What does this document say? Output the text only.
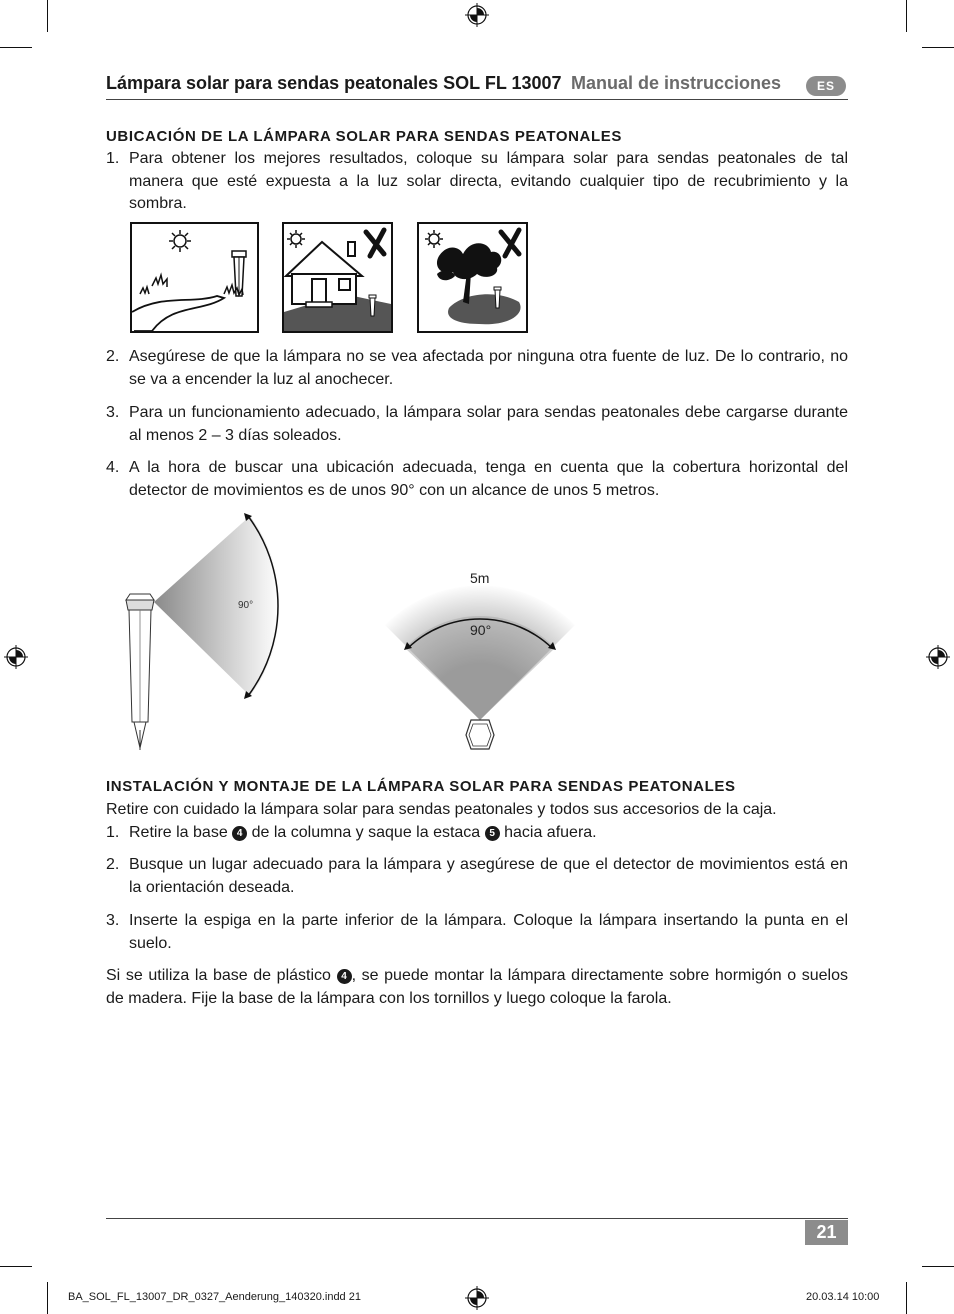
Lámpara solar para sendas peatonales SOL FL 13007 Manual de instrucciones	ES
UBICACIÓN DE LA LÁMPARA SOLAR PARA SENDAS PEATONALES
1. Para obtener los mejores resultados, coloque su lámpara solar para sendas peatonales de tal manera que esté expuesta a la luz solar directa, evitando cualquier tipo de recubrimiento y la sombra.
2. Asegúrese de que la lámpara no se vea afectada por ninguna otra fuente de luz. De lo contrario, no se va a encender la luz al anochecer.
3. Para un funcionamiento adecuado, la lámpara solar para sendas peatonales debe cargarse durante al menos 2 – 3 días soleados.
4. A la hora de buscar una ubicación adecuada, tenga en cuenta que la cobertura horizontal del detector de movimientos es de unos 90° con un alcance de unos 5 metros.
90°
5m
90°
INSTALACIÓN Y MONTAJE DE LA LÁMPARA SOLAR PARA SENDAS PEATONALES
Retire con cuidado la lámpara solar para sendas peatonales y todos sus accesorios de la caja.
1. Retire la base 4 de la columna y saque la estaca 5 hacia afuera.
2. Busque un lugar adecuado para la lámpara y asegúrese de que el detector de movimientos está en la orientación deseada.
3. Inserte la espiga en la parte inferior de la lámpara. Coloque la lámpara insertando la punta en el suelo.
Si se utiliza la base de plástico 4 , se puede montar la lámpara directamente sobre hormigón o suelos de madera. Fije la base de la lámpara con los tornillos y luego coloque la farola.
21
BA_SOL_FL_13007_DR_0327_Aenderung_140320.indd 21	20.03.14 10:00
